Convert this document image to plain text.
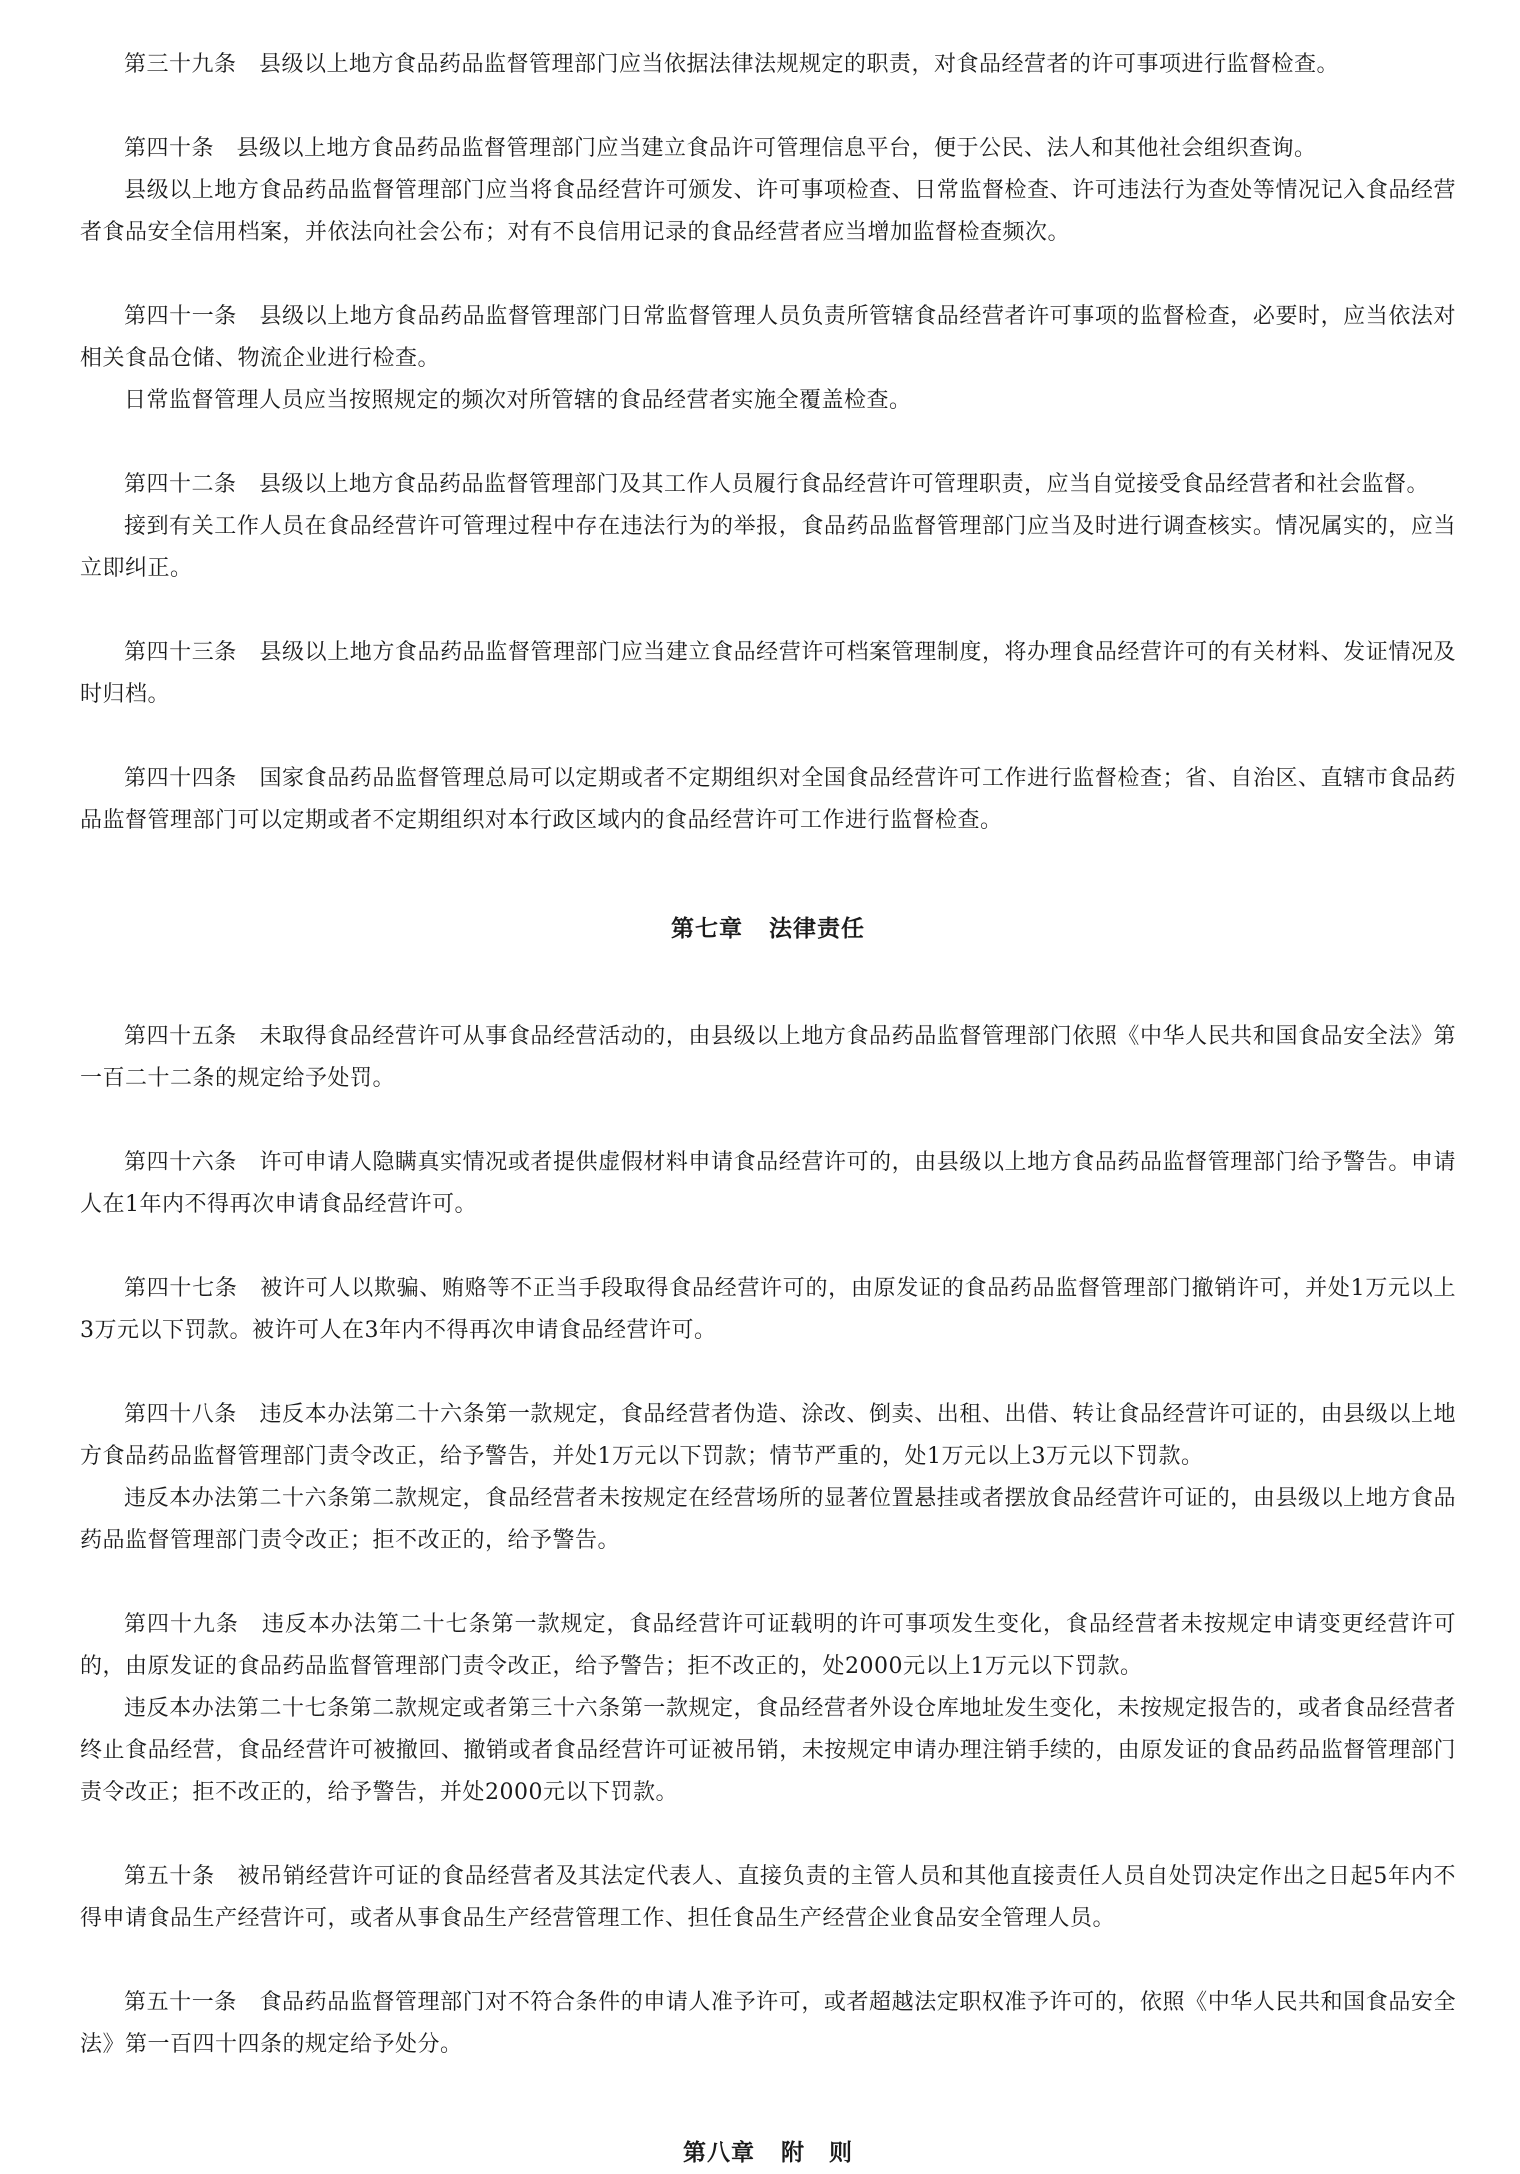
第三十九条　县级以上地方食品药品监督管理部门应当依据法律法规规定的职责，对食品经营者的许可事项进行监督检查。

第四十条　县级以上地方食品药品监督管理部门应当建立食品许可管理信息平台，便于公民、法人和其他社会组织查询。

县级以上地方食品药品监督管理部门应当将食品经营许可颁发、许可事项检查、日常监督检查、许可违法行为查处等情况记入食品经营者食品安全信用档案，并依法向社会公布；对有不良信用记录的食品经营者应当增加监督检查频次。

第四十一条　县级以上地方食品药品监督管理部门日常监督管理人员负责所管辖食品经营者许可事项的监督检查，必要时，应当依法对相关食品仓储、物流企业进行检查。

日常监督管理人员应当按照规定的频次对所管辖的食品经营者实施全覆盖检查。

第四十二条　县级以上地方食品药品监督管理部门及其工作人员履行食品经营许可管理职责，应当自觉接受食品经营者和社会监督。

接到有关工作人员在食品经营许可管理过程中存在违法行为的举报，食品药品监督管理部门应当及时进行调查核实。情况属实的，应当立即纠正。

第四十三条　县级以上地方食品药品监督管理部门应当建立食品经营许可档案管理制度，将办理食品经营许可的有关材料、发证情况及时归档。

第四十四条　国家食品药品监督管理总局可以定期或者不定期组织对全国食品经营许可工作进行监督检查；省、自治区、直辖市食品药品监督管理部门可以定期或者不定期组织对本行政区域内的食品经营许可工作进行监督检查。

第七章 法律责任

第四十五条　未取得食品经营许可从事食品经营活动的，由县级以上地方食品药品监督管理部门依照《中华人民共和国食品安全法》第一百二十二条的规定给予处罚。

第四十六条　许可申请人隐瞒真实情况或者提供虚假材料申请食品经营许可的，由县级以上地方食品药品监督管理部门给予警告。申请人在1年内不得再次申请食品经营许可。

第四十七条　被许可人以欺骗、贿赂等不正当手段取得食品经营许可的，由原发证的食品药品监督管理部门撤销许可，并处1万元以上3万元以下罚款。被许可人在3年内不得再次申请食品经营许可。

第四十八条　违反本办法第二十六条第一款规定，食品经营者伪造、涂改、倒卖、出租、出借、转让食品经营许可证的，由县级以上地方食品药品监督管理部门责令改正，给予警告，并处1万元以下罚款；情节严重的，处1万元以上3万元以下罚款。

违反本办法第二十六条第二款规定，食品经营者未按规定在经营场所的显著位置悬挂或者摆放食品经营许可证的，由县级以上地方食品药品监督管理部门责令改正；拒不改正的，给予警告。

第四十九条　违反本办法第二十七条第一款规定，食品经营许可证载明的许可事项发生变化，食品经营者未按规定申请变更经营许可的，由原发证的食品药品监督管理部门责令改正，给予警告；拒不改正的，处2000元以上1万元以下罚款。

违反本办法第二十七条第二款规定或者第三十六条第一款规定，食品经营者外设仓库地址发生变化，未按规定报告的，或者食品经营者终止食品经营，食品经营许可被撤回、撤销或者食品经营许可证被吊销，未按规定申请办理注销手续的，由原发证的食品药品监督管理部门责令改正；拒不改正的，给予警告，并处2000元以下罚款。

第五十条　被吊销经营许可证的食品经营者及其法定代表人、直接负责的主管人员和其他直接责任人员自处罚决定作出之日起5年内不得申请食品生产经营许可，或者从事食品生产经营管理工作、担任食品生产经营企业食品安全管理人员。

第五十一条　食品药品监督管理部门对不符合条件的申请人准予许可，或者超越法定职权准予许可的，依照《中华人民共和国食品安全法》第一百四十四条的规定给予处分。

第八章 附　则
